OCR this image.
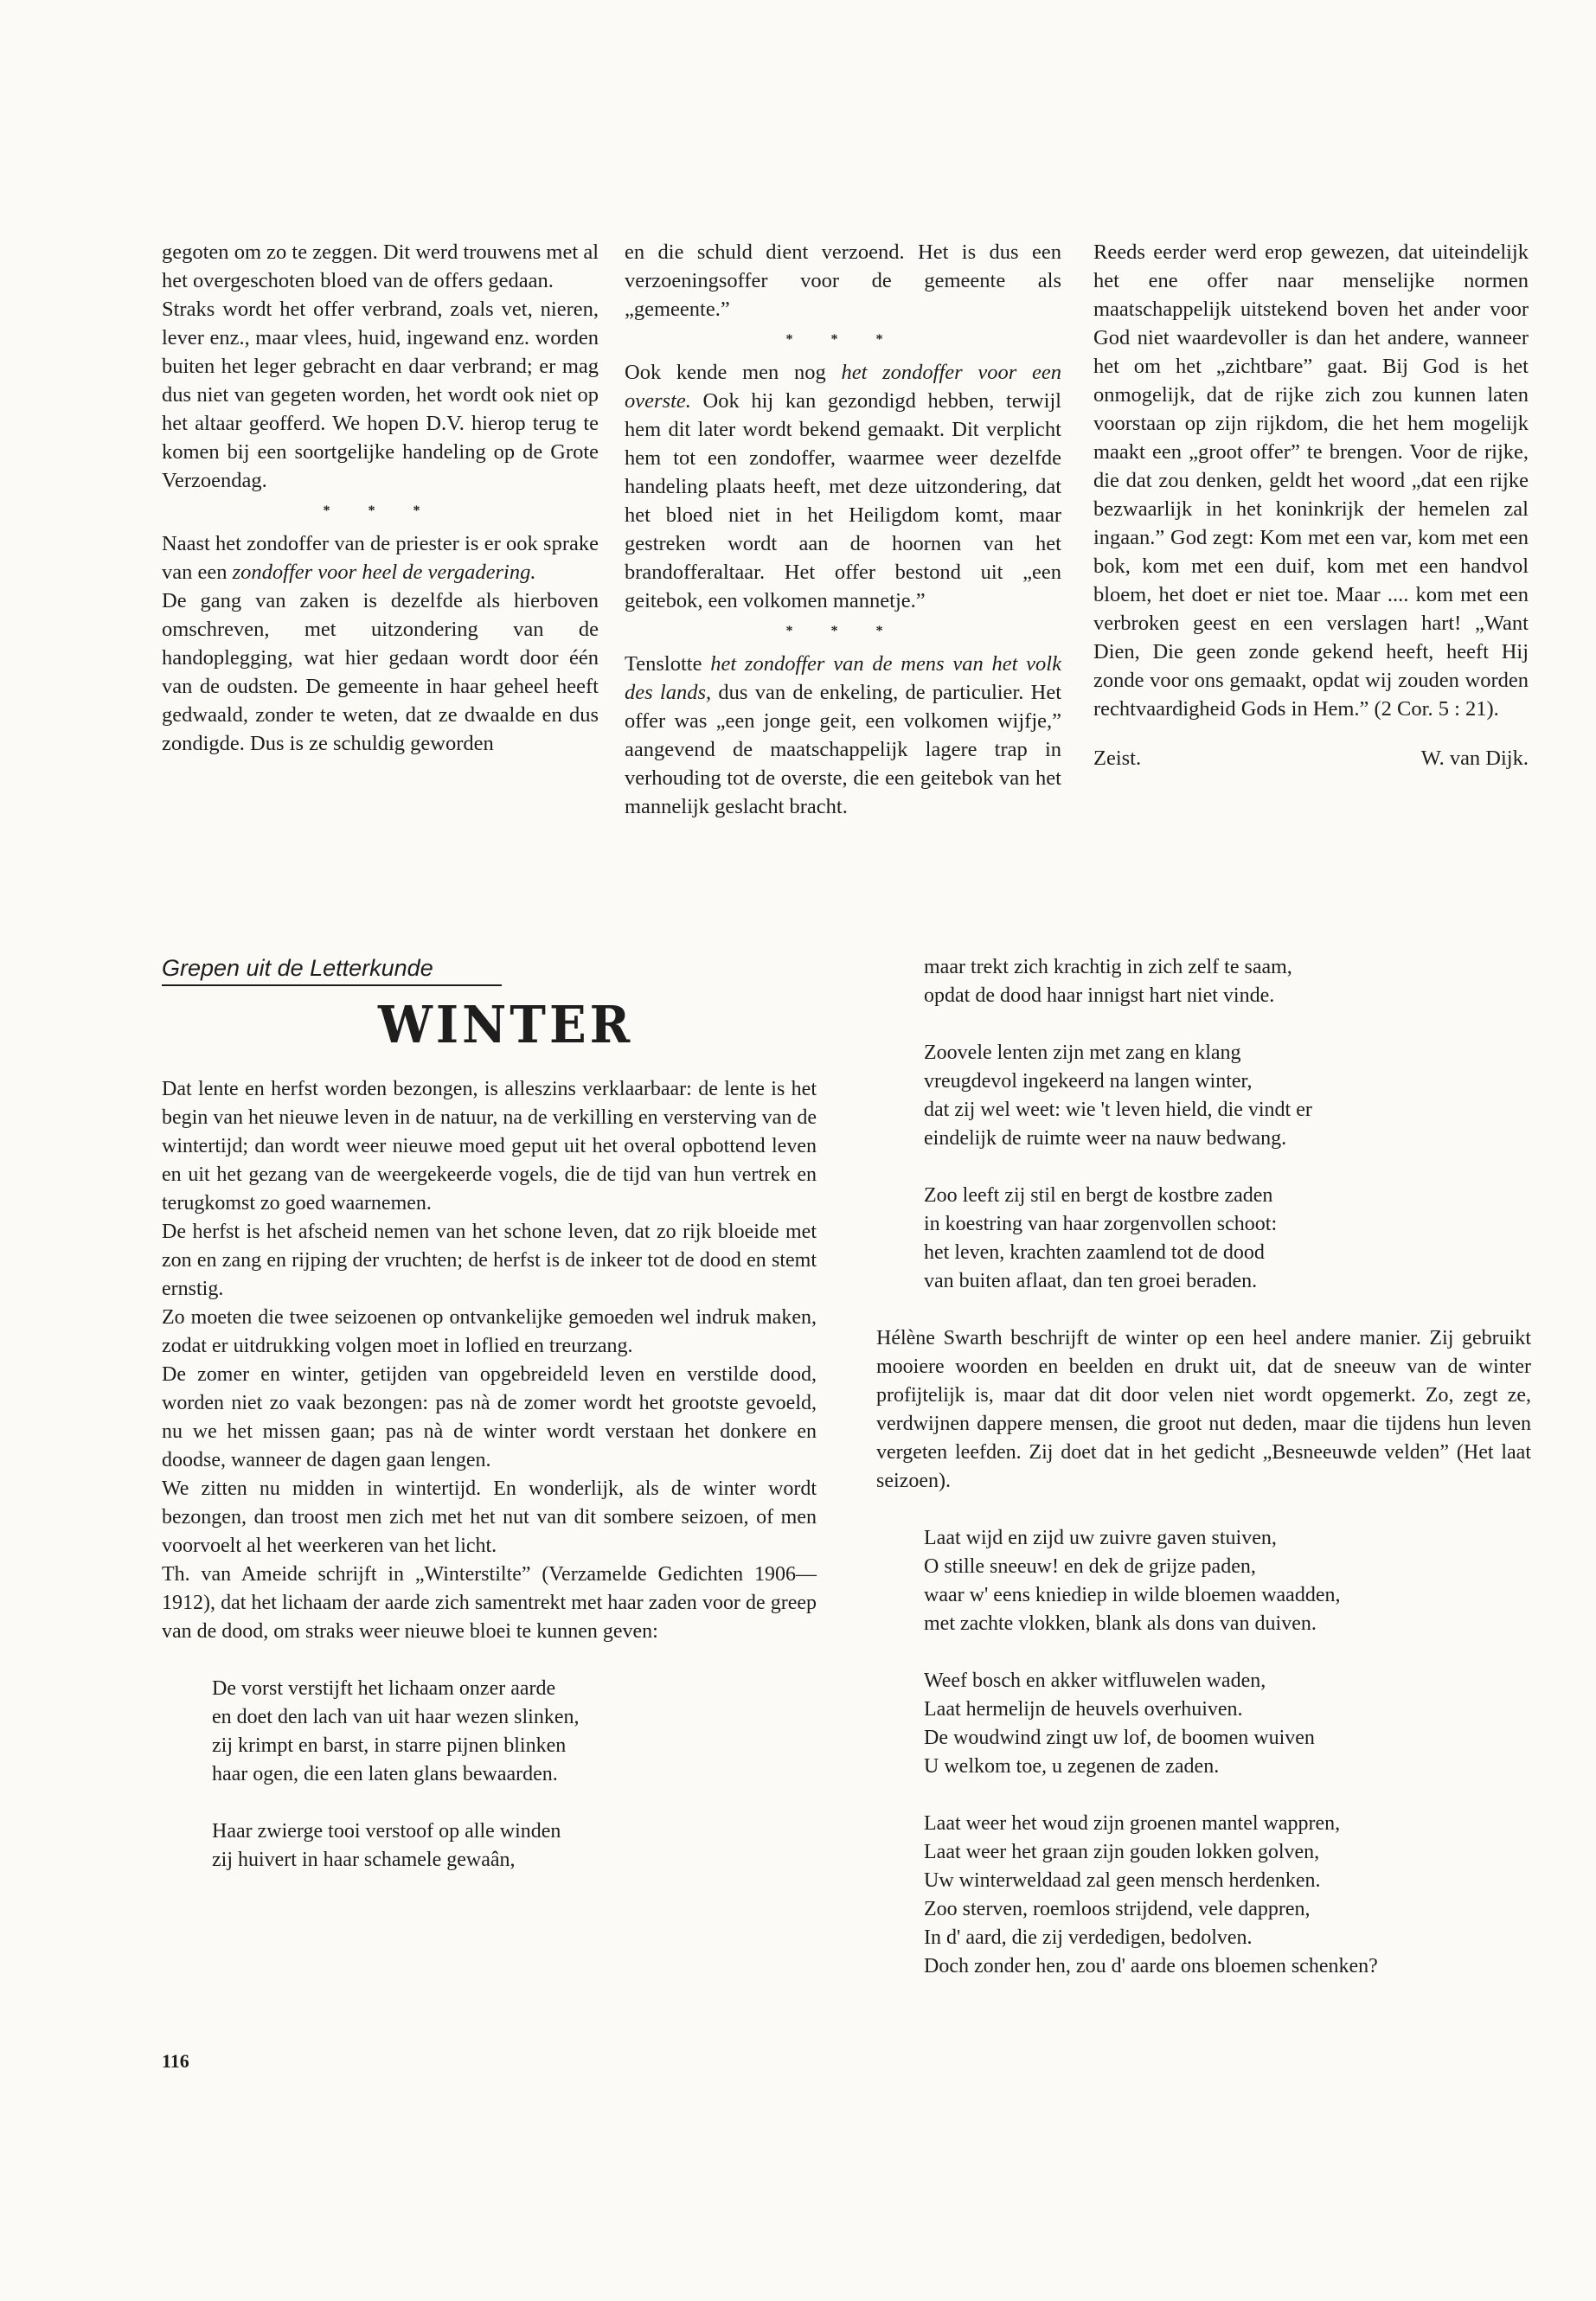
gegoten om zo te zeggen. Dit werd trouwens met al het overgeschoten bloed van de offers gedaan.

Straks wordt het offer verbrand, zoals vet, nieren, lever enz., maar vlees, huid, ingewand enz. worden buiten het leger gebracht en daar verbrand; er mag dus niet van gegeten worden, het wordt ook niet op het altaar geofferd. We hopen D.V. hierop terug te komen bij een soortgelijke handeling op de Grote Verzoendag.

* * *

Naast het zondoffer van de priester is er ook sprake van een zondoffer voor heel de vergadering.

De gang van zaken is dezelfde als hierboven omschreven, met uitzondering van de handoplegging, wat hier gedaan wordt door één van de oudsten. De gemeente in haar geheel heeft gedwaald, zonder te weten, dat ze dwaalde en dus zondigde. Dus is ze schuldig geworden

en die schuld dient verzoend. Het is dus een verzoeningsoffer voor de gemeente als „gemeente.”

* * *

Ook kende men nog het zondoffer voor een overste. Ook hij kan gezondigd hebben, terwijl hem dit later wordt bekend gemaakt. Dit verplicht hem tot een zondoffer, waarmee weer dezelfde handeling plaats heeft, met deze uitzondering, dat het bloed niet in het Heiligdom komt, maar gestreken wordt aan de hoornen van het brandofferaltaar. Het offer bestond uit „een geitebok, een volkomen mannetje.”

* * *

Tenslotte het zondoffer van de mens van het volk des lands, dus van de enkeling, de particulier. Het offer was „een jonge geit, een volkomen wijfje,” aangevend de maatschappelijk lagere trap in verhouding tot de overste, die een geitebok van het mannelijk geslacht bracht.

Reeds eerder werd erop gewezen, dat uiteindelijk het ene offer naar menselijke normen maatschappelijk uitstekend boven het ander voor God niet waardevoller is dan het andere, wanneer het om het „zichtbare” gaat. Bij God is het onmogelijk, dat de rijke zich zou kunnen laten voorstaan op zijn rijkdom, die het hem mogelijk maakt een „groot offer” te brengen. Voor de rijke, die dat zou denken, geldt het woord „dat een rijke bezwaarlijk in het koninkrijk der hemelen zal ingaan.” God zegt: Kom met een var, kom met een bok, kom met een duif, kom met een handvol bloem, het doet er niet toe. Maar .... kom met een verbroken geest en een verslagen hart! „Want Dien, Die geen zonde gekend heeft, heeft Hij zonde voor ons gemaakt, opdat wij zouden worden rechtvaardigheid Gods in Hem.” (2 Cor. 5 : 21).

Zeist.	W. van Dijk.
Grepen uit de Letterkunde
WINTER

Dat lente en herfst worden bezongen, is alleszins verklaarbaar: de lente is het begin van het nieuwe leven in de natuur, na de verkilling en versterving van de wintertijd; dan wordt weer nieuwe moed geput uit het overal opbottend leven en uit het gezang van de weergekeerde vogels, die de tijd van hun vertrek en terugkomst zo goed waarnemen.

De herfst is het afscheid nemen van het schone leven, dat zo rijk bloeide met zon en zang en rijping der vruchten; de herfst is de inkeer tot de dood en stemt ernstig.

Zo moeten die twee seizoenen op ontvankelijke gemoeden wel indruk maken, zodat er uitdrukking volgen moet in loflied en treurzang.

De zomer en winter, getijden van opgebreideld leven en verstilde dood, worden niet zo vaak bezongen: pas nà de zomer wordt het grootste gevoeld, nu we het missen gaan; pas nà de winter wordt verstaan het donkere en doodse, wanneer de dagen gaan lengen.

We zitten nu midden in wintertijd. En wonderlijk, als de winter wordt bezongen, dan troost men zich met het nut van dit sombere seizoen, of men voorvoelt al het weerkeren van het licht.

Th. van Ameide schrijft in „Winterstilte” (Verzamelde Gedichten 1906—1912), dat het lichaam der aarde zich samentrekt met haar zaden voor de greep van de dood, om straks weer nieuwe bloei te kunnen geven:

De vorst verstijft het lichaam onzer aarde
en doet den lach van uit haar wezen slinken,
zij krimpt en barst, in starre pijnen blinken
haar ogen, die een laten glans bewaarden.
Haar zwierge tooi verstoof op alle winden
zij huivert in haar schamele gewaân,
maar trekt zich krachtig in zich zelf te saam,
opdat de dood haar innigst hart niet vinde.
Zoovele lenten zijn met zang en klang
vreugdevol ingekeerd na langen winter,
dat zij wel weet: wie 't leven hield, die vindt er
eindelijk de ruimte weer na nauw bedwang.
Zoo leeft zij stil en bergt de kostbre zaden
in koestring van haar zorgenvollen schoot:
het leven, krachten zaamlend tot de dood
van buiten aflaat, dan ten groei beraden.

Hélène Swarth beschrijft de winter op een heel andere manier. Zij gebruikt mooiere woorden en beelden en drukt uit, dat de sneeuw van de winter profijtelijk is, maar dat dit door velen niet wordt opgemerkt. Zo, zegt ze, verdwijnen dappere mensen, die groot nut deden, maar die tijdens hun leven vergeten leefden. Zij doet dat in het gedicht „Besneeuwde velden” (Het laat seizoen).

Laat wijd en zijd uw zuivre gaven stuiven,
O stille sneeuw! en dek de grijze paden,
waar w' eens kniediep in wilde bloemen waadden,
met zachte vlokken, blank als dons van duiven.
Weef bosch en akker witfluwelen waden,
Laat hermelijn de heuvels overhuiven.
De woudwind zingt uw lof, de boomen wuiven
U welkom toe, u zegenen de zaden.
Laat weer het woud zijn groenen mantel wappren,
Laat weer het graan zijn gouden lokken golven,
Uw winterweldaad zal geen mensch herdenken.
Zoo sterven, roemloos strijdend, vele dappren,
In d' aard, die zij verdedigen, bedolven.
Doch zonder hen, zou d' aarde ons bloemen schenken?
116
